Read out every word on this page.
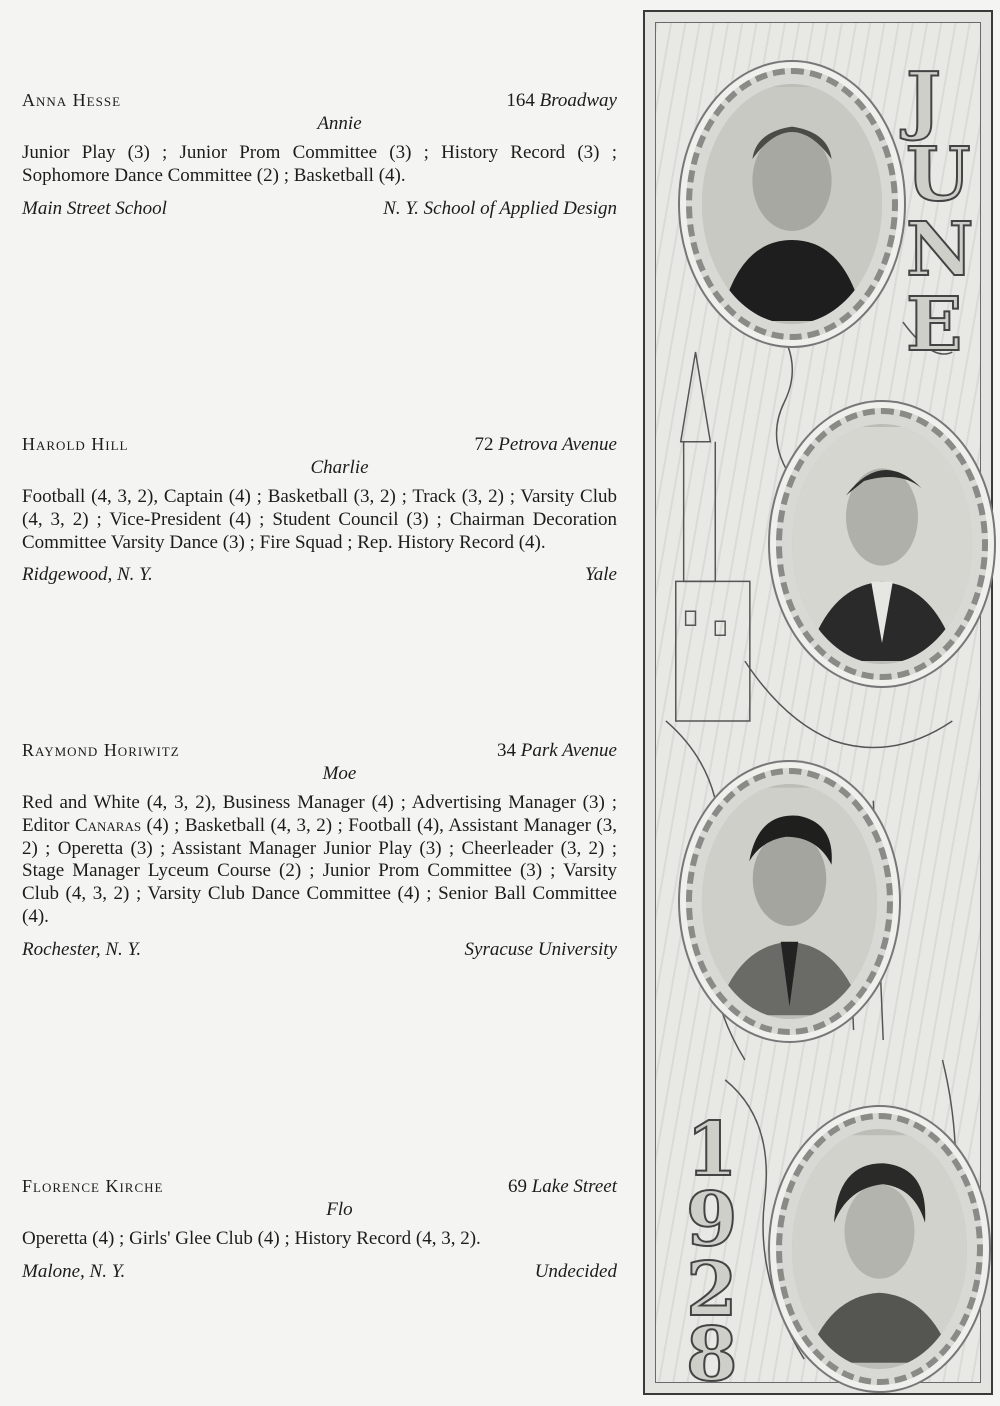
Anna Hesse	164 Broadway
Annie
Junior Play (3) ; Junior Prom Committee (3) ; History Record (3) ; Sophomore Dance Committee (2) ; Basketball (4).
Main Street School	N. Y. School of Applied Design
Harold Hill	72 Petrova Avenue
Charlie
Football (4, 3, 2), Captain (4) ; Basketball (3, 2) ; Track (3, 2) ; Varsity Club (4, 3, 2) ; Vice-President (4) ; Student Council (3) ; Chairman Decoration Committee Varsity Dance (3) ; Fire Squad ; Rep. History Record (4).
Ridgewood, N. Y.	Yale
Raymond Horiwitz	34 Park Avenue
Moe
Red and White (4, 3, 2), Business Manager (4) ; Advertising Manager (3) ; Editor Canaras (4) ; Basketball (4, 3, 2) ; Football (4), Assistant Manager (3, 2) ; Operetta (3) ; Assistant Manager Junior Play (3) ; Cheerleader (3, 2) ; Stage Manager Lyceum Course (2) ; Junior Prom Committee (3) ; Varsity Club (4, 3, 2) ; Varsity Club Dance Committee (4) ; Senior Ball Committee (4).
Rochester, N. Y.	Syracuse University
Florence Kirche	69 Lake Street
Flo
Operetta (4) ; Girls' Glee Club (4) ; History Record (4, 3, 2).
Malone, N. Y.	Undecided
J
U
N
E
1
9
2
8
